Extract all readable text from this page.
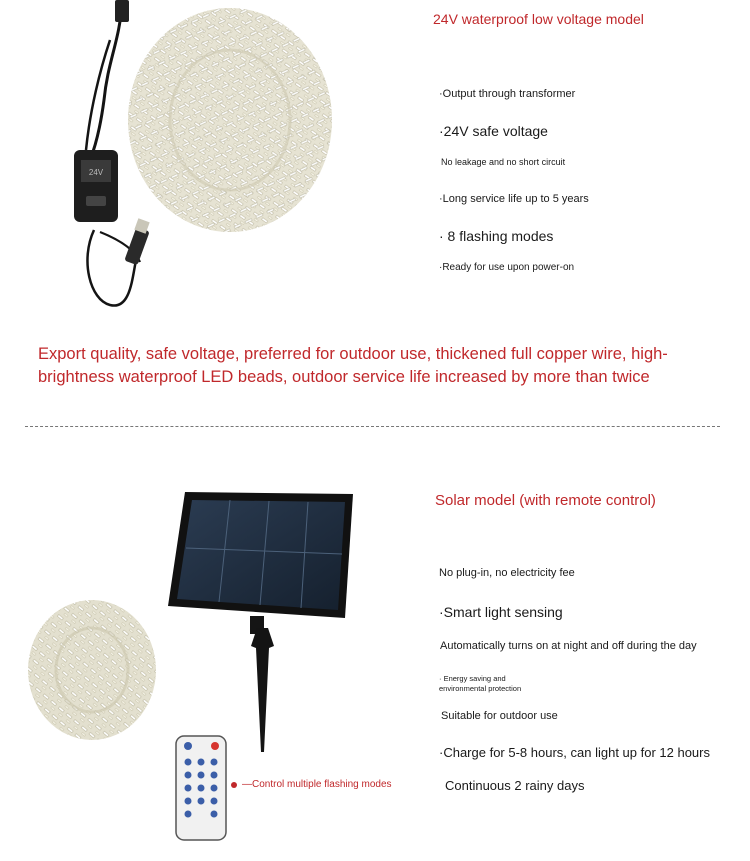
24V
24V waterproof low voltage model
·Output through transformer
·24V safe voltage
No leakage and no short circuit
·Long service life up to 5 years
· 8 flashing modes
·Ready for use upon power-on
Export quality, safe voltage, preferred for outdoor use, thickened full copper wire, high-
brightness waterproof LED beads, outdoor service life increased by more than twice
Solar model (with remote control)
No plug-in, no electricity fee
·Smart light sensing
Automatically turns on at night and off during the day
· Energy saving and
environmental protection
Suitable for outdoor use
·Charge for 5-8 hours, can light up for 12 hours
Continuous 2 rainy days
—Control multiple flashing modes
